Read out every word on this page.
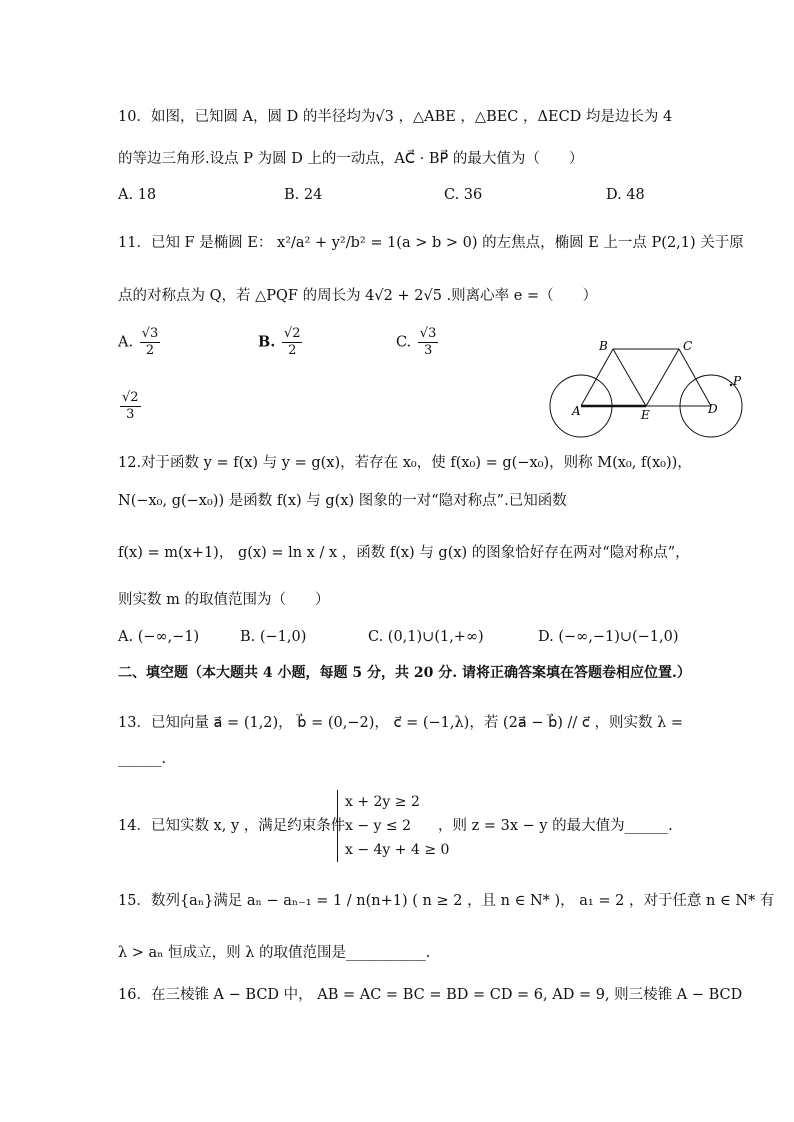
10．如图，已知圆 A，圆 D 的半径均为√3 ，△ABE ，△BEC ，ΔECD 均是边长为 4
的等边三角形.设点 P 为圆 D 上的一动点，AC⃗ · BP⃗ 的最大值为（　　）
A. 18	B. 24	C. 36	D. 48
11．已知 F 是椭圆 E： x²/a² + y²/b² = 1(a > b > 0) 的左焦点，椭圆 E 上一点 P(2,1) 关于原
点的对称点为 Q，若 △PQF 的周长为 4√2 + 2√5 .则离心率 e =（　　）
A. $\frac{√3}{2}$	B. $\frac{√2}{2}$	C. $\frac{√3}{3}$
$\frac{√2}{3}$
B	C
A	E	D
P
12.对于函数 y = f(x) 与 y = g(x)，若存在 x₀，使 f(x₀) = g(−x₀)，则称 M(x₀, f(x₀))，
N(−x₀, g(−x₀)) 是函数 f(x) 与 g(x) 图象的一对“隐对称点”.已知函数
f(x) = m(x+1)， g(x) = ln x / x ，函数 f(x) 与 g(x) 的图象恰好存在两对“隐对称点”，
则实数 m 的取值范围为（　　）
A. (−∞,−1)	B. (−1,0)	C. (0,1)∪(1,+∞)	D. (−∞,−1)∪(−1,0)
二、填空题（本大题共 4 小题，每题 5 分，共 20 分. 请将正确答案填在答题卷相应位置.）
13．已知向量 a⃗ = (1,2)， b⃗ = (0,−2)， c⃗ = (−1,λ)，若 (2a⃗ − b⃗) // c⃗ ，则实数 λ =
______.
14．已知实数 x, y ，满足约束条件
x + 2y ≥ 2
x − y ≤ 2
x − 4y + 4 ≥ 0
，则 z = 3x − y 的最大值为______.
15．数列{aₙ}满足 aₙ − aₙ₋₁ = 1 / n(n+1) ( n ≥ 2 ，且 n ∈ N* )， a₁ = 2 ，对于任意 n ∈ N* 有
λ > aₙ 恒成立，则 λ 的取值范围是___________.
16．在三棱锥 A − BCD 中， AB = AC = BC = BD = CD = 6, AD = 9, 则三棱锥 A − BCD
